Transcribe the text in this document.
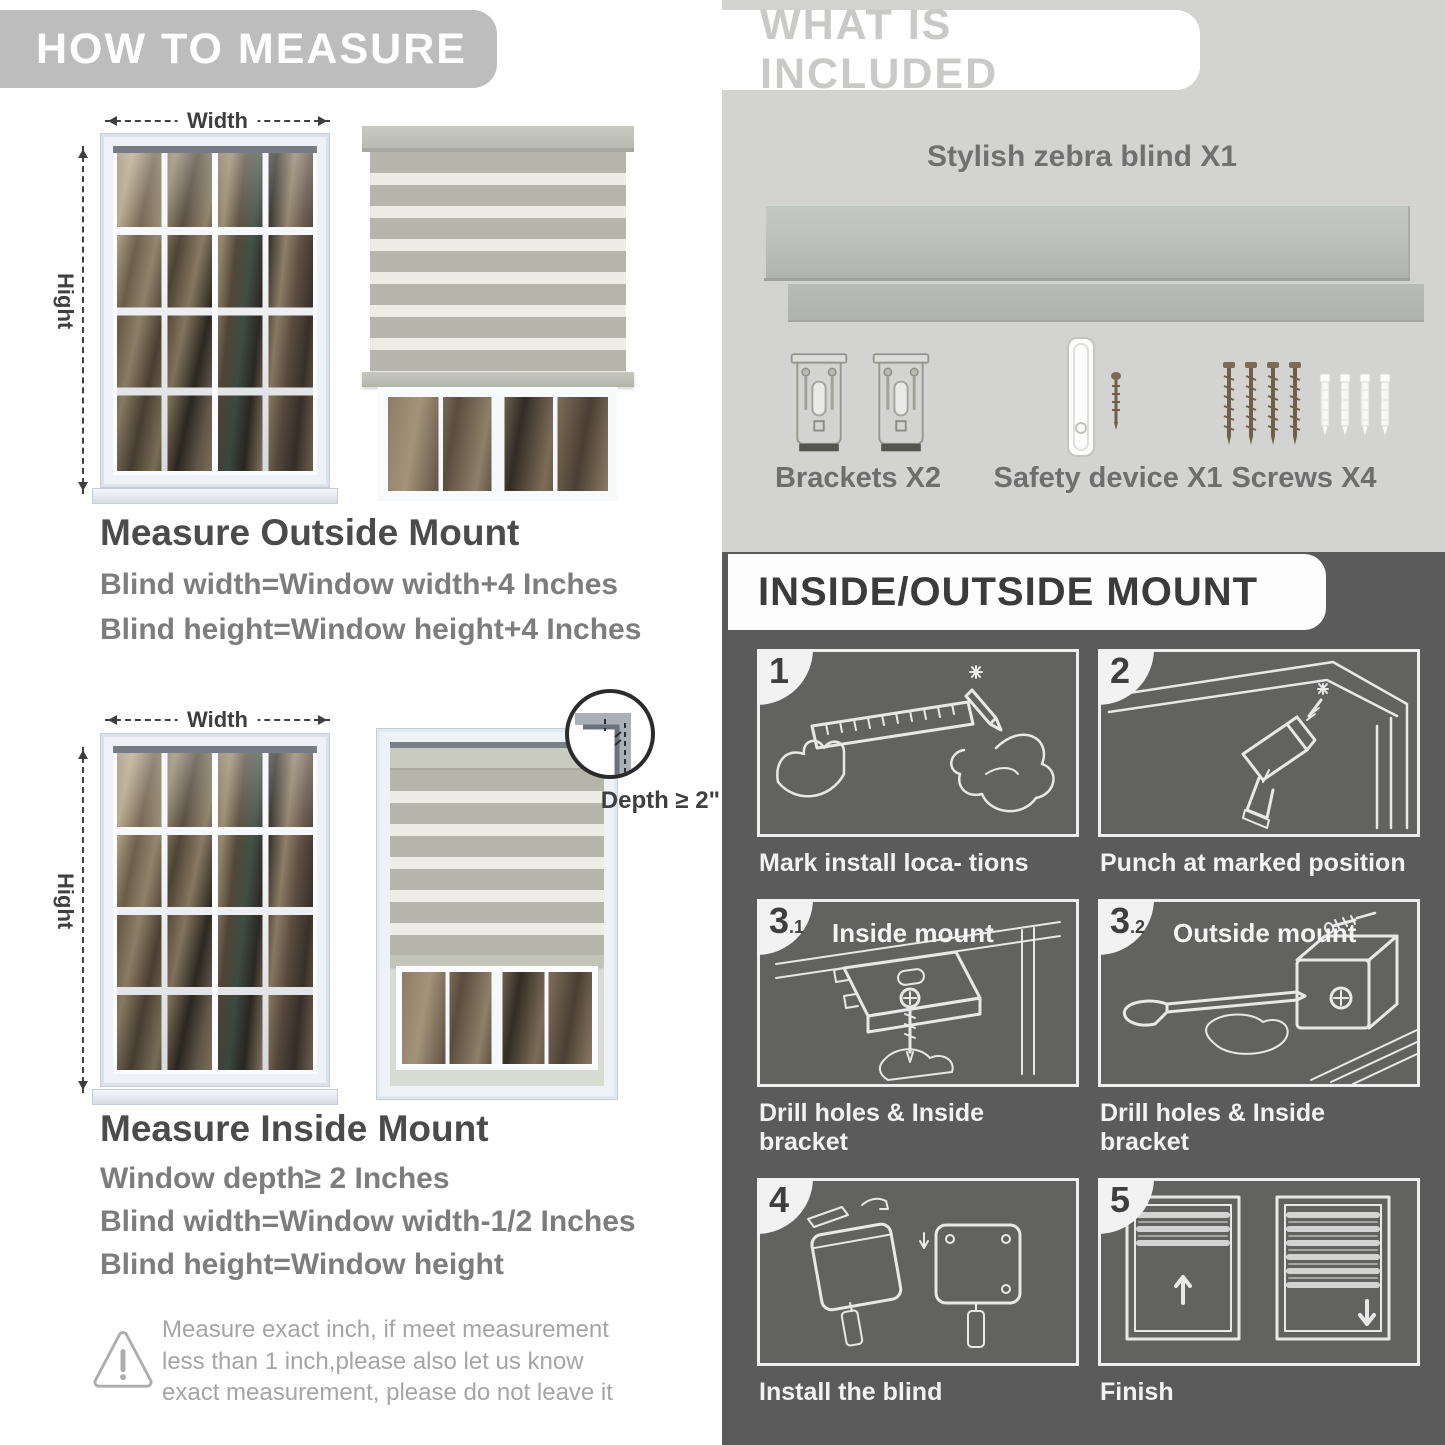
HOW TO MEASURE
Width
Hight
Measure Outside Mount

Blind width=Window width+4 Inches

Blind height=Window height+4 Inches

Width
Hight
Depth ≥ 2"
Measure Inside Mount

Window depth≥ 2 Inches

Blind width=Window width-1/2 Inches

Blind height=Window height

Measure exact inch, if meet measurement less than 1 inch,please also let us know exact measurement, please do not leave it

WHAT IS INCLUDED
Stylish zebra blind X1
Brackets X2	Safety device X1 Screws X4
INSIDE/OUTSIDE MOUNT
1
Mark install loca- tions
2
Punch at marked position
3 .1 Inside mount
Drill holes & Inside bracket
3 .2 Outside mount
Drill holes & Inside bracket
4
Install the blind
5
Finish
